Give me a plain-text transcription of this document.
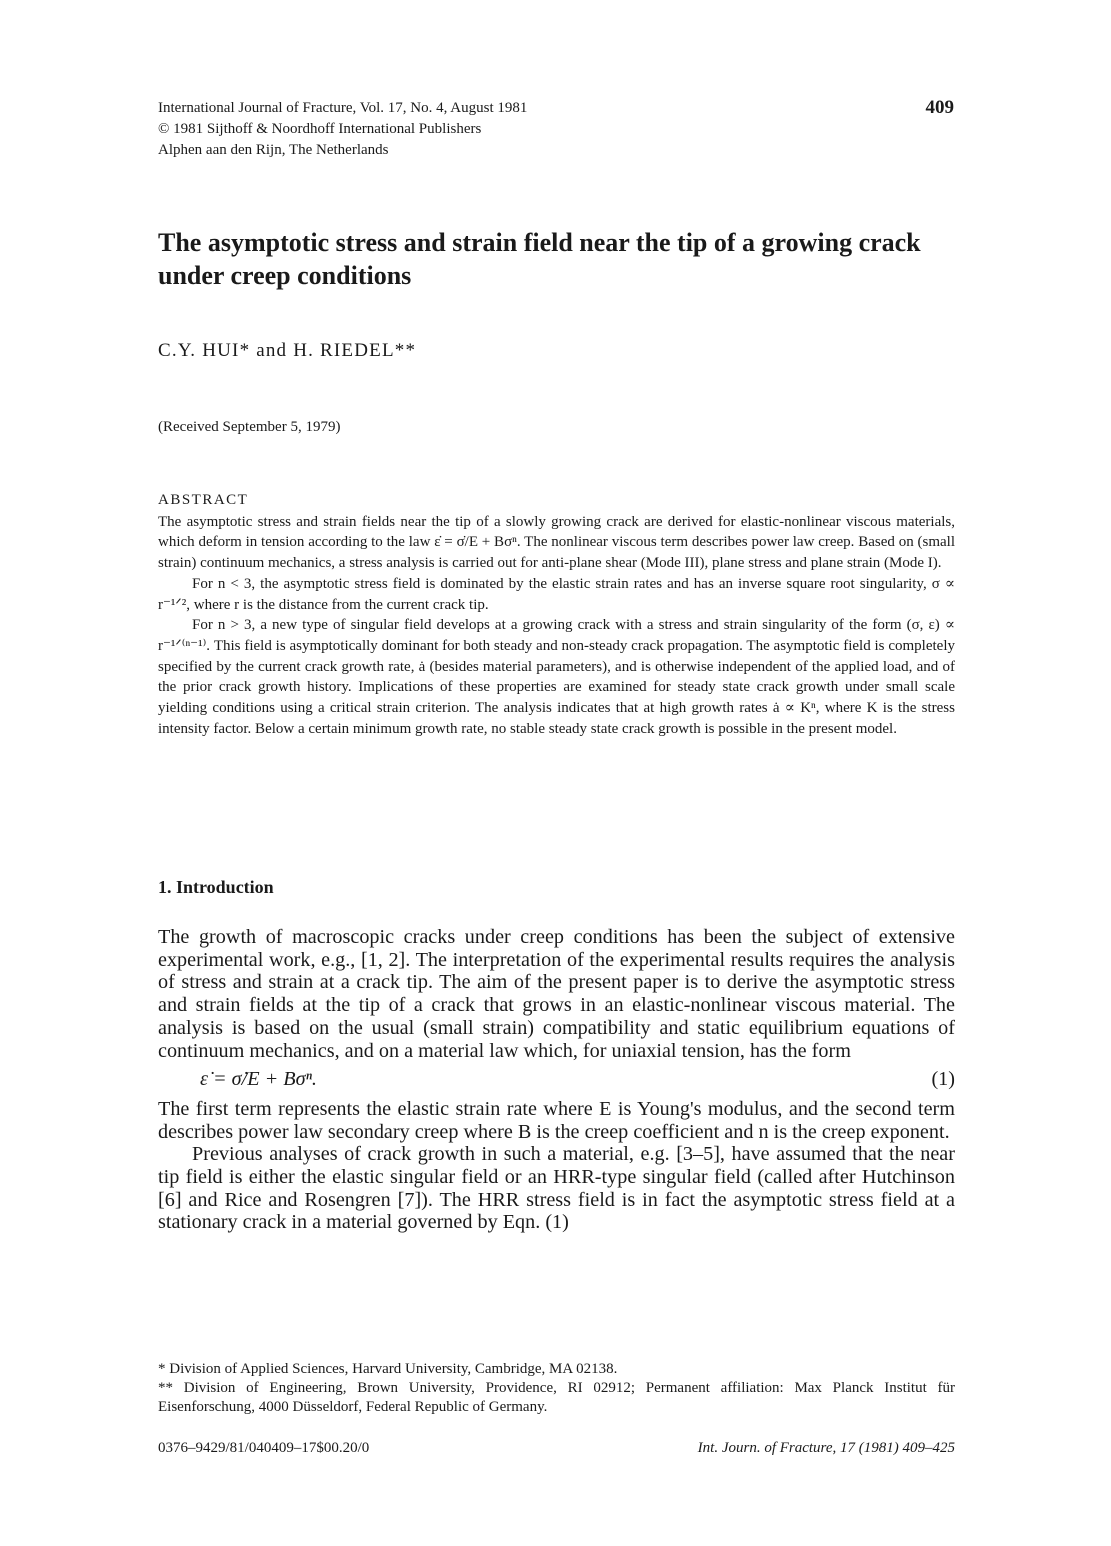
International Journal of Fracture, Vol. 17, No. 4, August 1981
© 1981 Sijthoff & Noordhoff International Publishers
Alphen aan den Rijn, The Netherlands
409
The asymptotic stress and strain field near the tip of a growing crack under creep conditions
C.Y. HUI* and H. RIEDEL**
(Received September 5, 1979)
ABSTRACT

The asymptotic stress and strain fields near the tip of a slowly growing crack are derived for elastic-nonlinear viscous materials, which deform in tension according to the law ε̇ = σ̇/E + Bσⁿ. The nonlinear viscous term describes power law creep. Based on (small strain) continuum mechanics, a stress analysis is carried out for anti-plane shear (Mode III), plane stress and plane strain (Mode I).

For n < 3, the asymptotic stress field is dominated by the elastic strain rates and has an inverse square root singularity, σ ∝ r⁻¹ᐟ², where r is the distance from the current crack tip.

For n > 3, a new type of singular field develops at a growing crack with a stress and strain singularity of the form (σ, ε) ∝ r⁻¹ᐟ⁽ⁿ⁻¹⁾. This field is asymptotically dominant for both steady and non-steady crack propagation. The asymptotic field is completely specified by the current crack growth rate, ȧ (besides material parameters), and is otherwise independent of the applied load, and of the prior crack growth history. Implications of these properties are examined for steady state crack growth under small scale yielding conditions using a critical strain criterion. The analysis indicates that at high growth rates ȧ ∝ Kⁿ, where K is the stress intensity factor. Below a certain minimum growth rate, no stable steady state crack growth is possible in the present model.

1. Introduction

The growth of macroscopic cracks under creep conditions has been the subject of extensive experimental work, e.g., [1, 2]. The interpretation of the experimental results requires the analysis of stress and strain at a crack tip. The aim of the present paper is to derive the asymptotic stress and strain fields at the tip of a crack that grows in an elastic-nonlinear viscous material. The analysis is based on the usual (small strain) compatibility and static equilibrium equations of continuum mechanics, and on a material law which, for uniaxial tension, has the form

ε̇ = σ̇/E + Bσⁿ.	(1)

The first term represents the elastic strain rate where E is Young's modulus, and the second term describes power law secondary creep where B is the creep coefficient and n is the creep exponent.

Previous analyses of crack growth in such a material, e.g. [3–5], have assumed that the near tip field is either the elastic singular field or an HRR-type singular field (called after Hutchinson [6] and Rice and Rosengren [7]). The HRR stress field is in fact the asymptotic stress field at a stationary crack in a material governed by Eqn. (1)

* Division of Applied Sciences, Harvard University, Cambridge, MA 02138.

** Division of Engineering, Brown University, Providence, RI 02912; Permanent affiliation: Max Planck Institut für Eisenforschung, 4000 Düsseldorf, Federal Republic of Germany.

0376–9429/81/040409–17$00.20/0	Int. Journ. of Fracture, 17 (1981) 409–425
